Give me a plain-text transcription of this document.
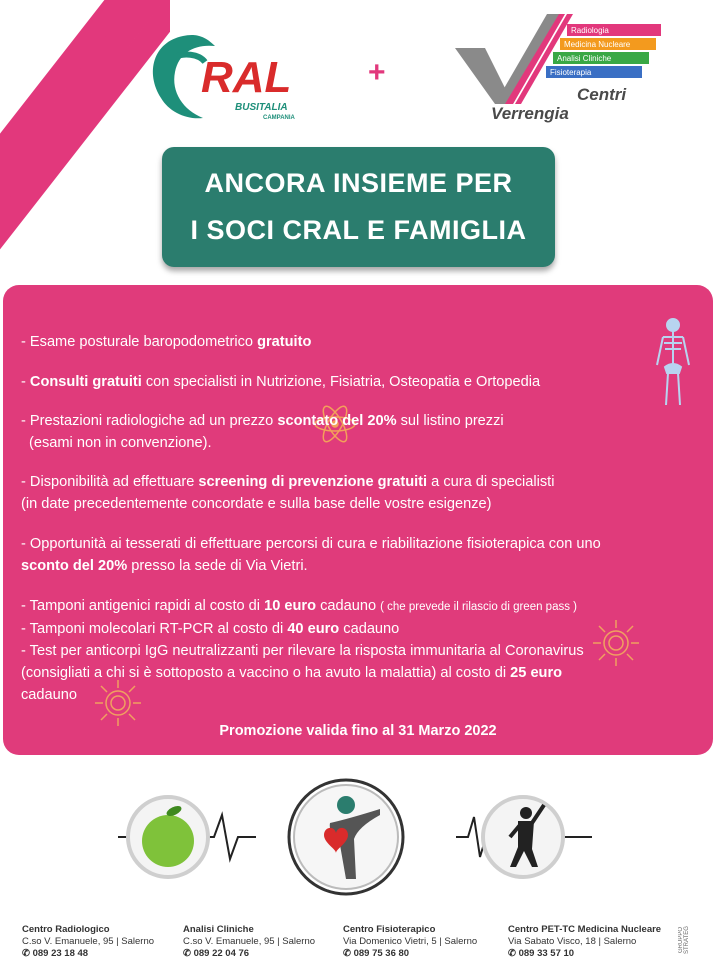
RAL
BUSITALIA
CAMPANIA
+
Radiologia
Medicina Nucleare
Analisi Cliniche
Fisioterapia
Centri
Verrengia
ANCORA INSIEME PER
I SOCI CRAL E FAMIGLIA

- Esame posturale baropodometrico gratuito

- Consulti gratuiti con specialisti in Nutrizione, Fisiatria, Osteopatia e Ortopedia

- Prestazioni radiologiche ad un prezzo scontato del 20% sul listino prezzi
(esami non in convenzione).

- Disponibilità ad effettuare screening di prevenzione gratuiti a cura di specialisti
(in date precedentemente concordate e sulla base delle vostre esigenze)

- Opportunità ai tesserati di effettuare percorsi di cura e riabilitazione fisioterapica con uno
sconto del 20% presso la sede di Via Vietri.

- Tamponi antigenici rapidi al costo di 10 euro cadauno ( che prevede il rilascio di green pass )

- Tamponi molecolari RT-PCR al costo di 40 euro cadauno

- Test per anticorpi IgG neutralizzanti per rilevare la risposta immunitaria al Coronavirus
(consigliati a chi si è sottoposto a vaccino o ha avuto la malattia) al costo di 25 euro
cadauno

Promozione valida fino al 31 Marzo 2022
Centro Radiologico
C.so V. Emanuele, 95 | Salerno
✆ 089 23 18 48
Analisi Cliniche
C.so V. Emanuele, 95 | Salerno
✆ 089 22 04 76
Centro Fisioterapico
Via Domenico Vietri, 5 | Salerno
✆ 089 75 36 80
Centro PET-TC Medicina Nucleare
Via Sabato Visco, 18 | Salerno
✆ 089 33 57 10
GRUPPO STRATEG
